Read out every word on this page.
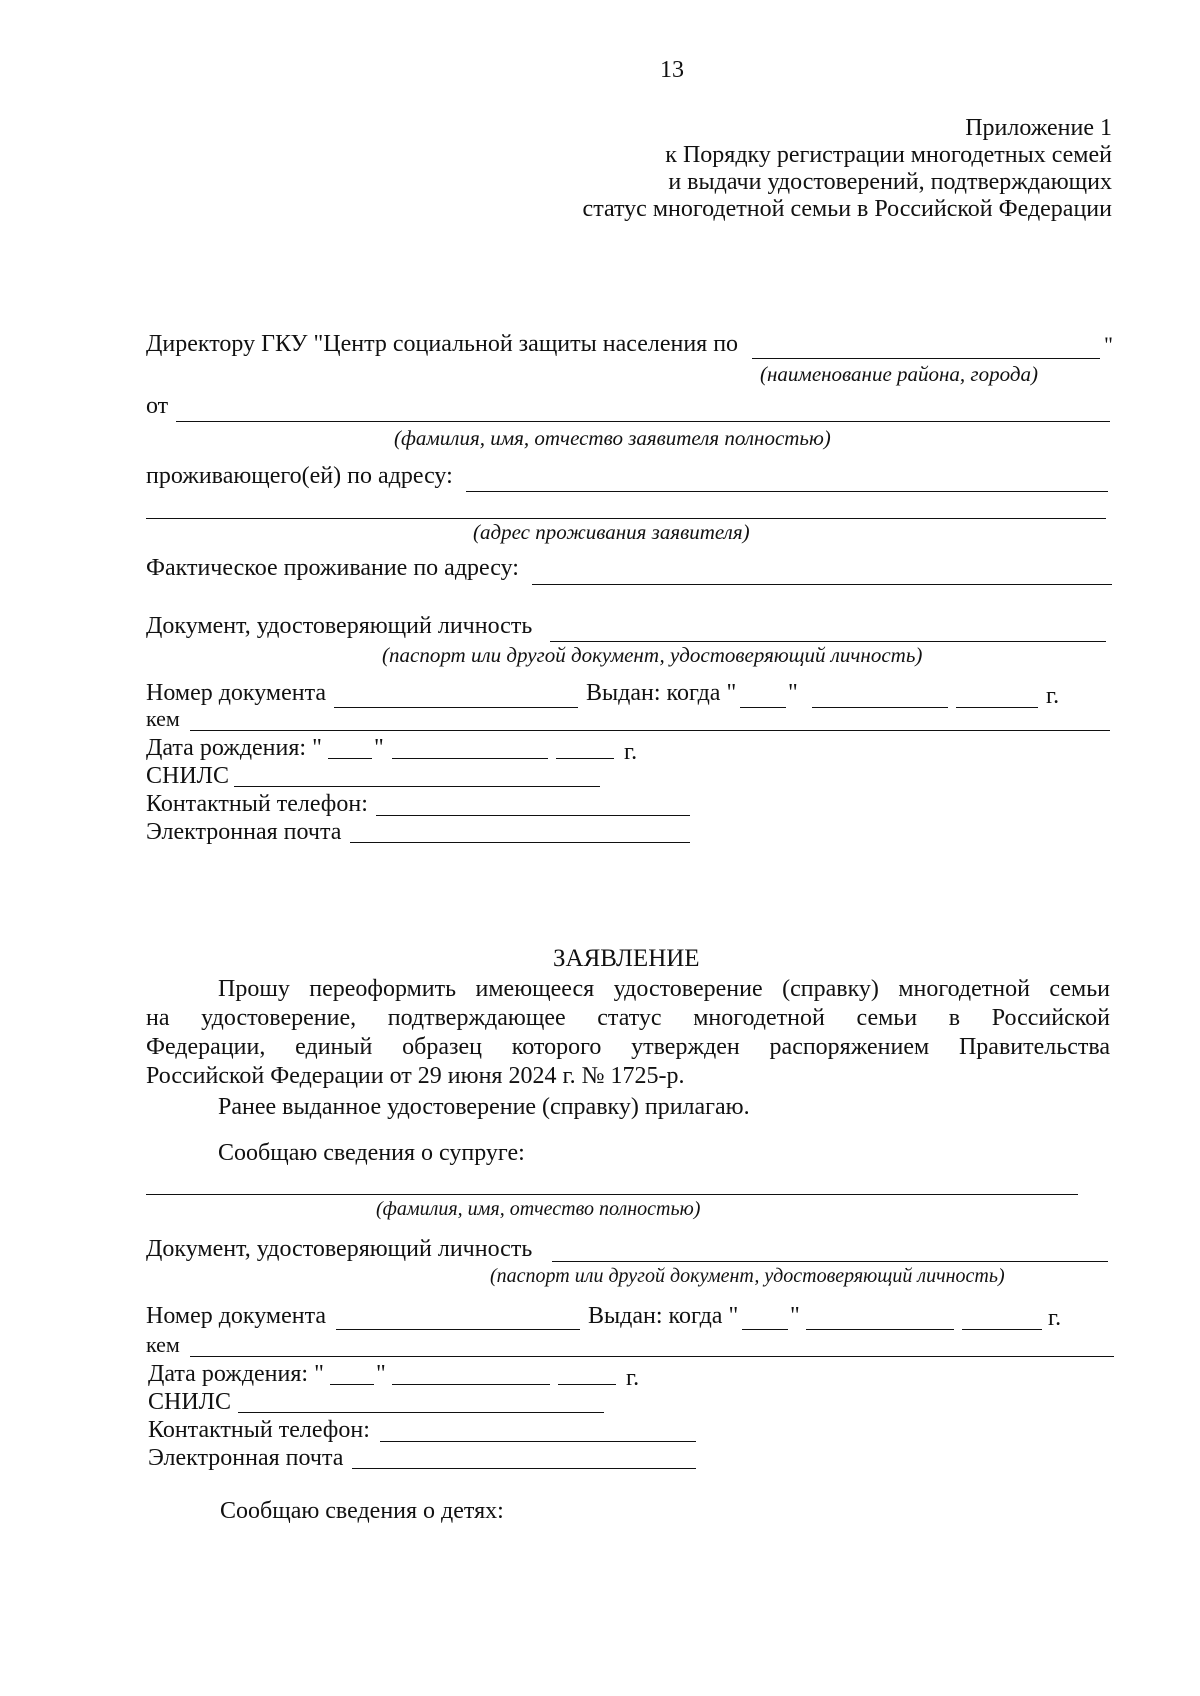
13
Приложение 1
к Порядку регистрации многодетных семей
и выдачи удостоверений, подтверждающих
статус многодетной семьи в Российской Федерации
Директору ГКУ "Центр социальной защиты населения по	"
(наименование района, города)
от
(фамилия, имя, отчество заявителя полностью)
проживающего(ей) по адресу:
(адрес проживания заявителя)
Фактическое проживание по адресу:
Документ, удостоверяющий личность
(паспорт или другой документ, удостоверяющий личность)
Номер документа	Выдан: когда " "	г.
кем
Дата рождения: " "	г.
СНИЛС
Контактный телефон:
Электронная почта
ЗАЯВЛЕНИЕ
Прошу переоформить имеющееся удостоверение (справку) многодетной семьи
на удостоверение, подтверждающее статус многодетной семьи в Российской
Федерации, единый образец которого утвержден распоряжением Правительства
Российской Федерации от 29 июня 2024 г. № 1725-р.
Ранее выданное удостоверение (справку) прилагаю.
Сообщаю сведения о супруге:
(фамилия, имя, отчество полностью)
Документ, удостоверяющий личность
(паспорт или другой документ, удостоверяющий личность)
Номер документа	Выдан: когда " "	г.
кем
Дата рождения: " "	г.
СНИЛС
Контактный телефон:
Электронная почта
Сообщаю сведения о детях:
